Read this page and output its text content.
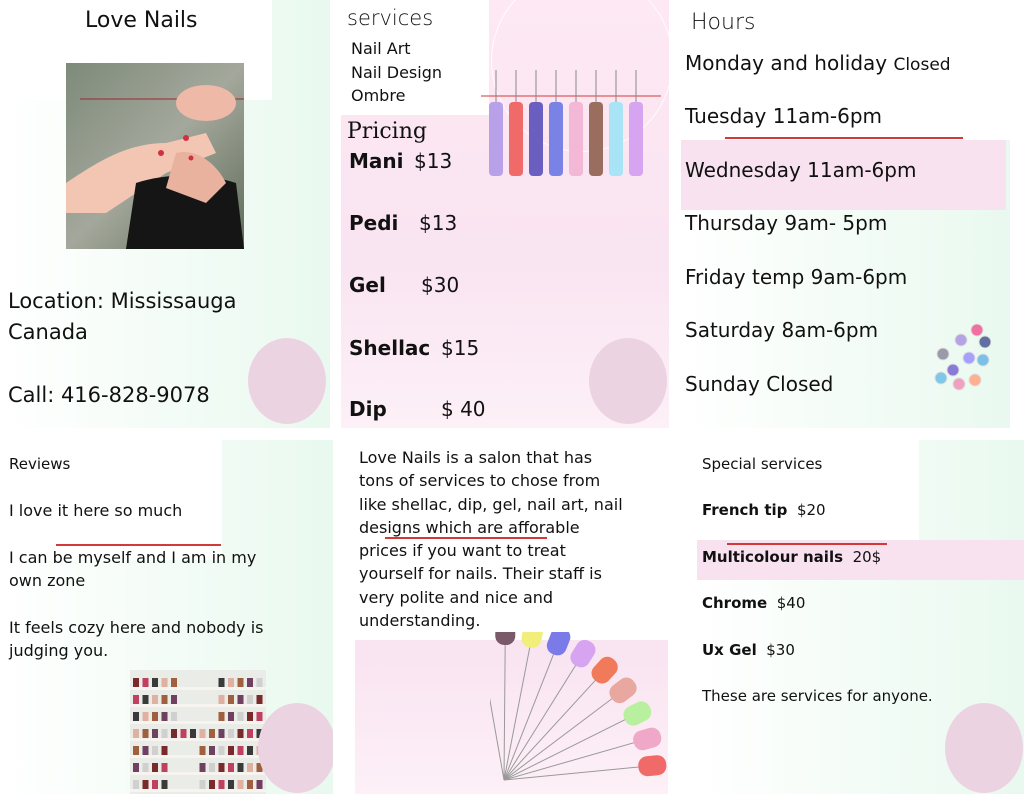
Love Nails
Location: Mississauga
Canada
Call: 416-828-9078
services
Nail Art
Nail Design
Ombre
Pricing
Mani $13
Pedi $13
Gel $30
Shellac $15
Dip	$ 40
Hours
Monday and holiday Closed
Tuesday 11am-6pm
Wednesday 11am-6pm
Thursday 9am- 5pm
Friday temp 9am-6pm
Saturday 8am-6pm
Sunday Closed
Reviews
I love it here so much
I can be myself and I am in my
own zone
It feels cozy here and nobody is
judging you.
Love Nails is a salon that has
tons of services to chose from
like shellac, dip, gel, nail art, nail
designs which are afforable
prices if you want to treat
yourself for nails. Their staff is
very polite and nice and
understanding.
Special services
French tip $20
Multicolour nails 20$
Chrome $40
Ux Gel $30
These are services for anyone.
